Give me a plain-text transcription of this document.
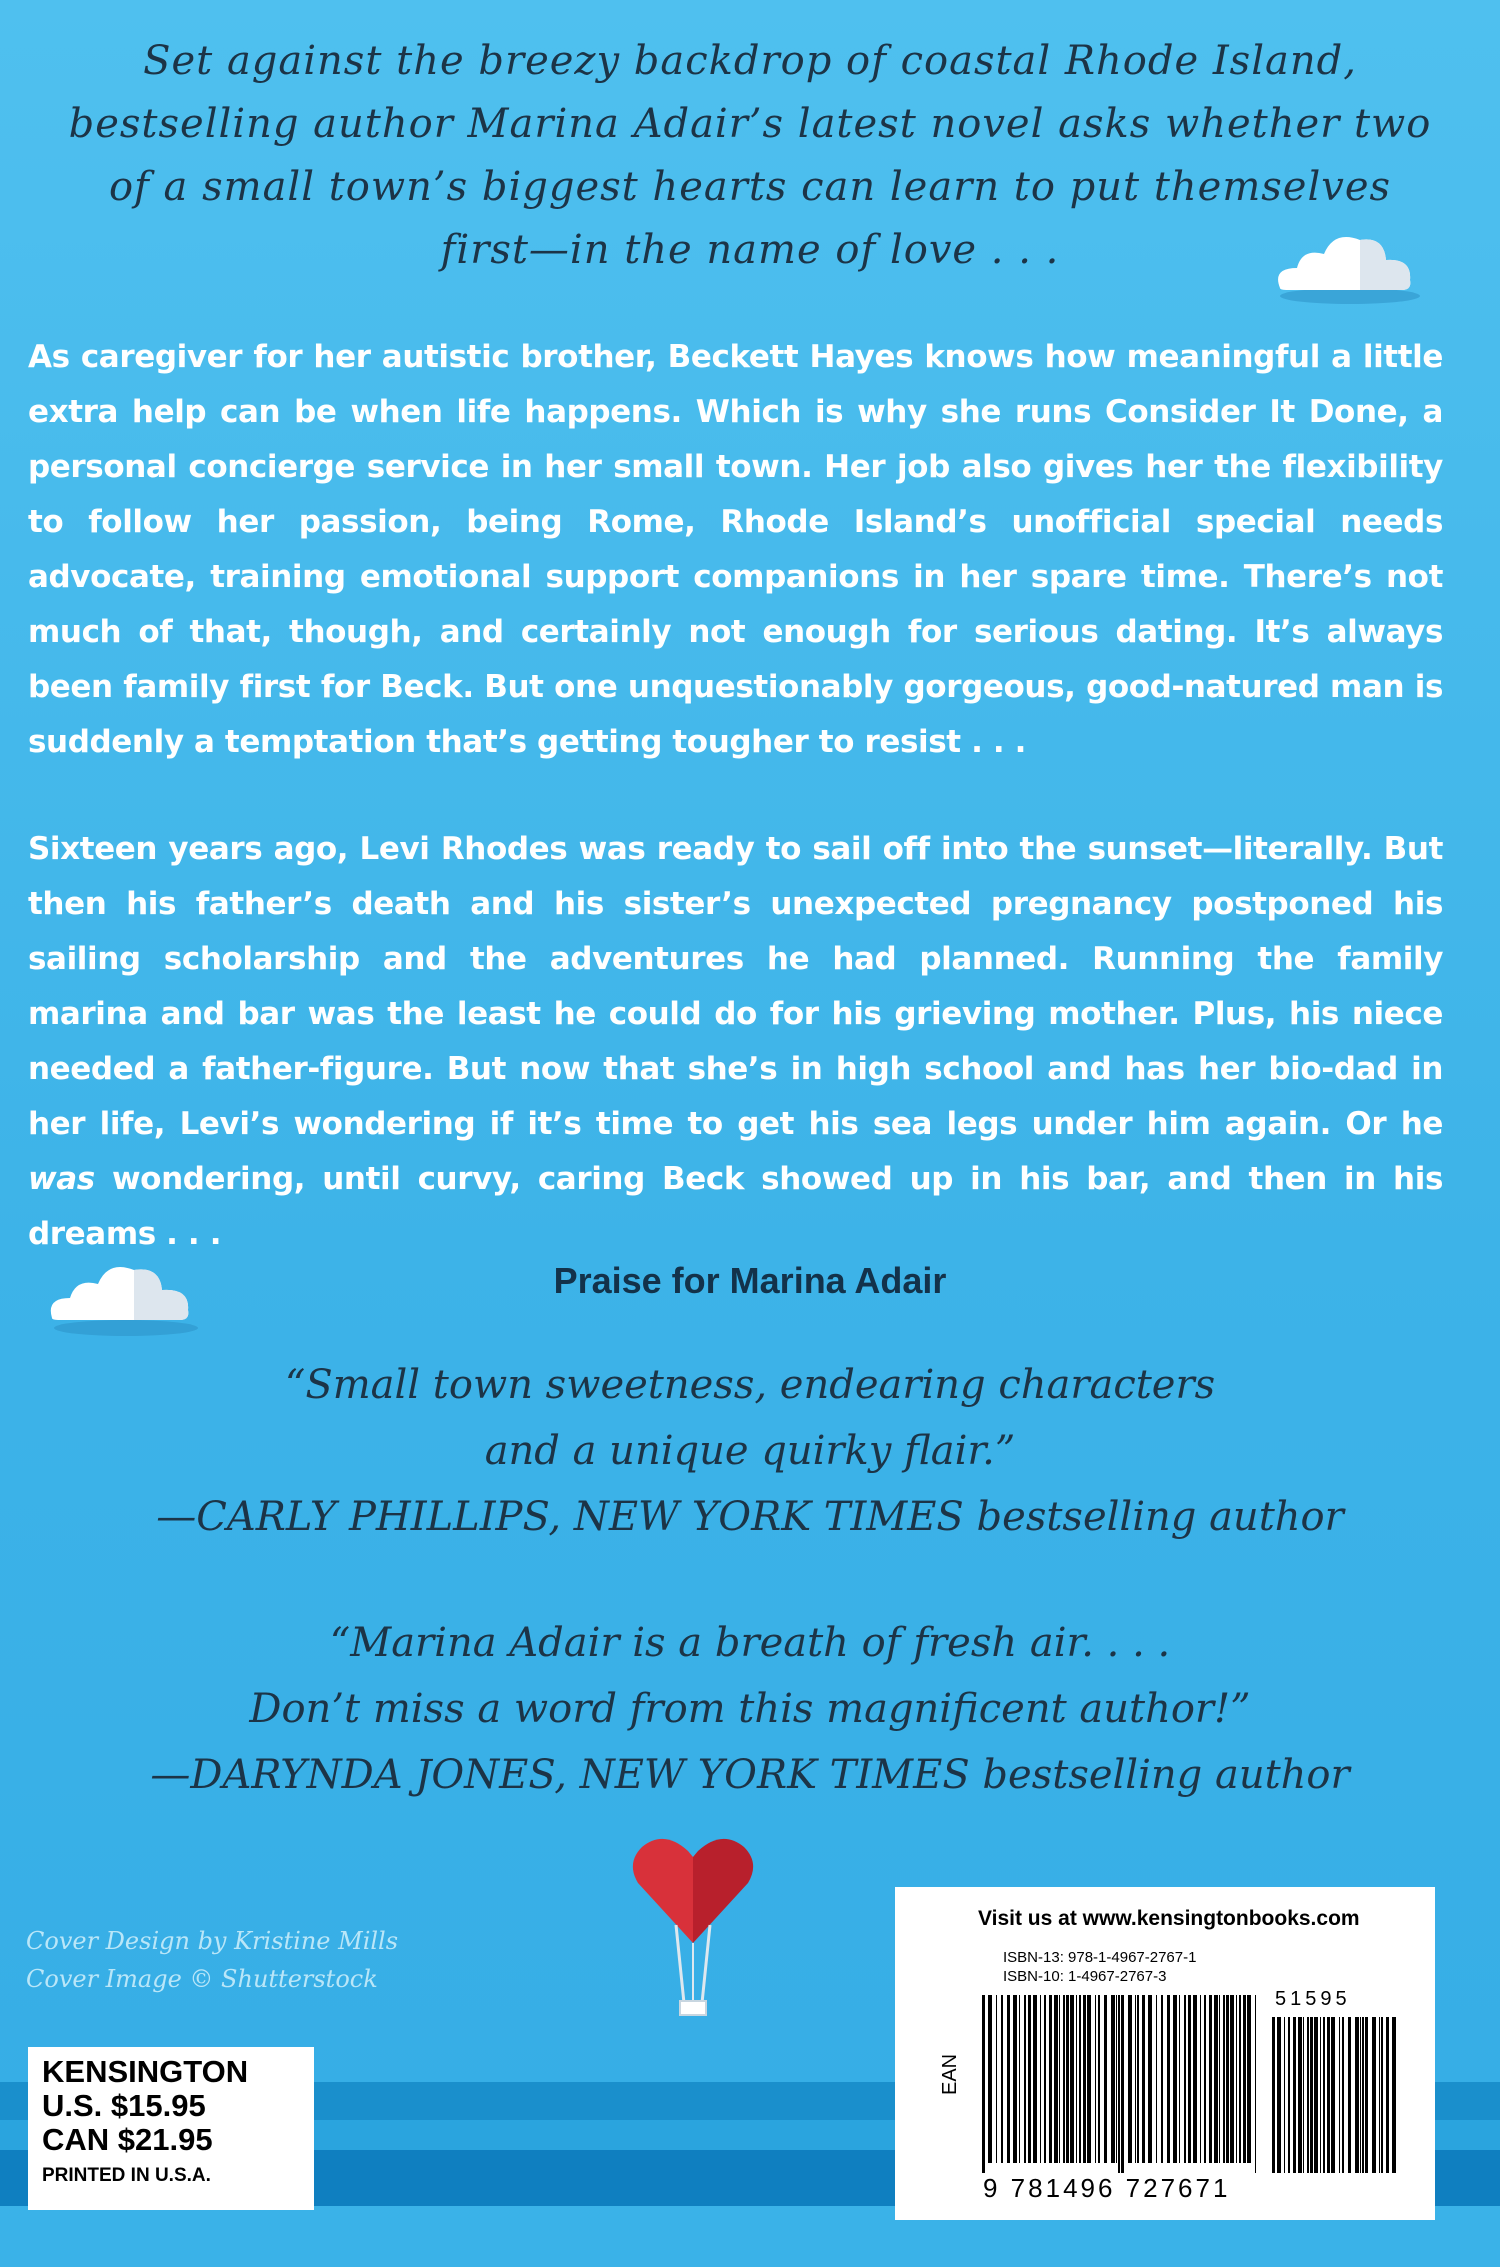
Set against the breezy backdrop of coastal Rhode Island,
bestselling author Marina Adair’s latest novel asks whether two
of a small town’s biggest hearts can learn to put themselves
first—in the name of love . . .

As caregiver for her autistic brother, Beckett Hayes knows how meaningful a little extra help can be when life happens. Which is why she runs Consider It Done, a personal concierge service in her small town. Her job also gives her the flexibility to follow her passion, being Rome, Rhode Island’s unofficial special needs advocate, training emotional support companions in her spare time. There’s not much of that, though, and certainly not enough for serious dating. It’s always been family first for Beck. But one unquestionably gorgeous, good-natured man is suddenly a temptation that’s getting tougher to resist . . .

Sixteen years ago, Levi Rhodes was ready to sail off into the sunset—literally. But then his father’s death and his sister’s unexpected pregnancy postponed his sailing scholarship and the adventures he had planned. Running the family marina and bar was the least he could do for his grieving mother. Plus, his niece needed a father-figure. But now that she’s in high school and has her bio-dad in her life, Levi’s wondering if it’s time to get his sea legs under him again. Or he was wondering, until curvy, caring Beck showed up in his bar, and then in his dreams . . .

Praise for Marina Adair
“Small town sweetness, endearing characters
and a unique quirky flair.”
—CARLY PHILLIPS, NEW YORK TIMES bestselling author
“Marina Adair is a breath of fresh air. . . .
Don’t miss a word from this magnificent author!”
—DARYNDA JONES, NEW YORK TIMES bestselling author
Cover Design by Kristine Mills
Cover Image © Shutterstock
KENSINGTON
U.S. $15.95
CAN $21.95
PRINTED IN U.S.A.
Visit us at www.kensingtonbooks.com
ISBN-13: 978-1-4967-2767-1
ISBN-10: 1-4967-2767-3
EAN
51595
9 781496 727671
